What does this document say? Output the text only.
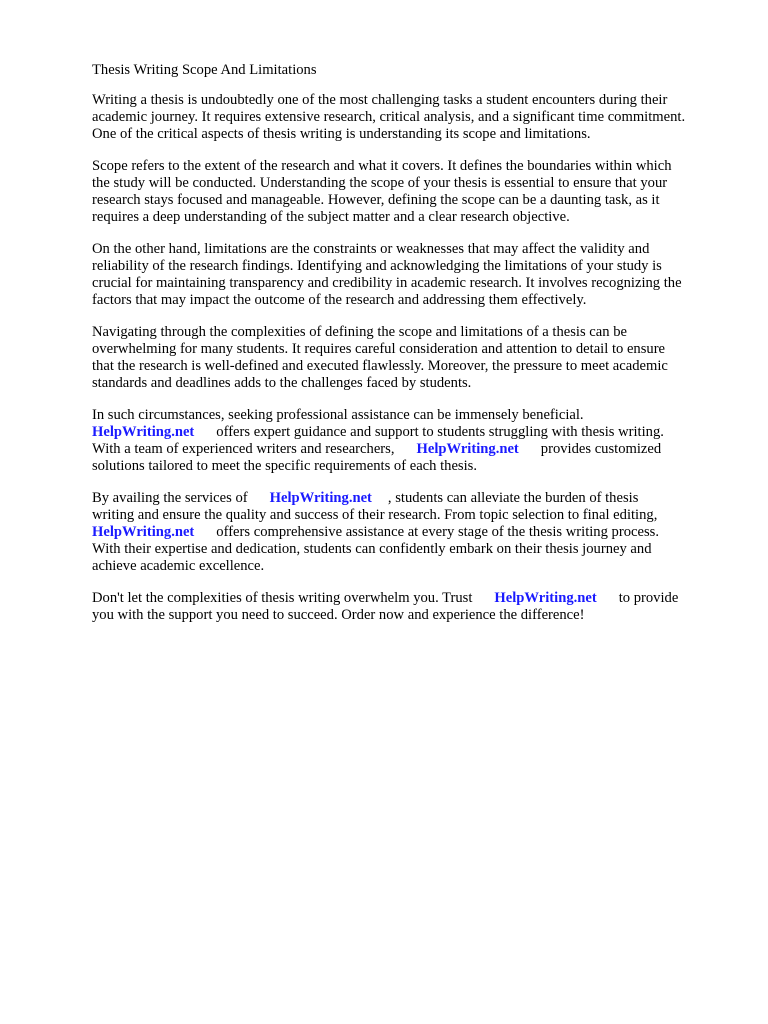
Thesis Writing Scope And Limitations

Writing a thesis is undoubtedly one of the most challenging tasks a student encounters during their
academic journey. It requires extensive research, critical analysis, and a significant time commitment.
One of the critical aspects of thesis writing is understanding its scope and limitations.

Scope refers to the extent of the research and what it covers. It defines the boundaries within which
the study will be conducted. Understanding the scope of your thesis is essential to ensure that your
research stays focused and manageable. However, defining the scope can be a daunting task, as it
requires a deep understanding of the subject matter and a clear research objective.

On the other hand, limitations are the constraints or weaknesses that may affect the validity and
reliability of the research findings. Identifying and acknowledging the limitations of your study is
crucial for maintaining transparency and credibility in academic research. It involves recognizing the
factors that may impact the outcome of the research and addressing them effectively.

Navigating through the complexities of defining the scope and limitations of a thesis can be
overwhelming for many students. It requires careful consideration and attention to detail to ensure
that the research is well-defined and executed flawlessly. Moreover, the pressure to meet academic
standards and deadlines adds to the challenges faced by students.

In such circumstances, seeking professional assistance can be immensely beneficial.
HelpWriting.net offers expert guidance and support to students struggling with thesis writing.
With a team of experienced writers and researchers, HelpWriting.net provides customized
solutions tailored to meet the specific requirements of each thesis.

By availing the services of HelpWriting.net , students can alleviate the burden of thesis
writing and ensure the quality and success of their research. From topic selection to final editing,
HelpWriting.net offers comprehensive assistance at every stage of the thesis writing process.
With their expertise and dedication, students can confidently embark on their thesis journey and
achieve academic excellence.

Don't let the complexities of thesis writing overwhelm you. Trust HelpWriting.net to provide
you with the support you need to succeed. Order now and experience the difference!
